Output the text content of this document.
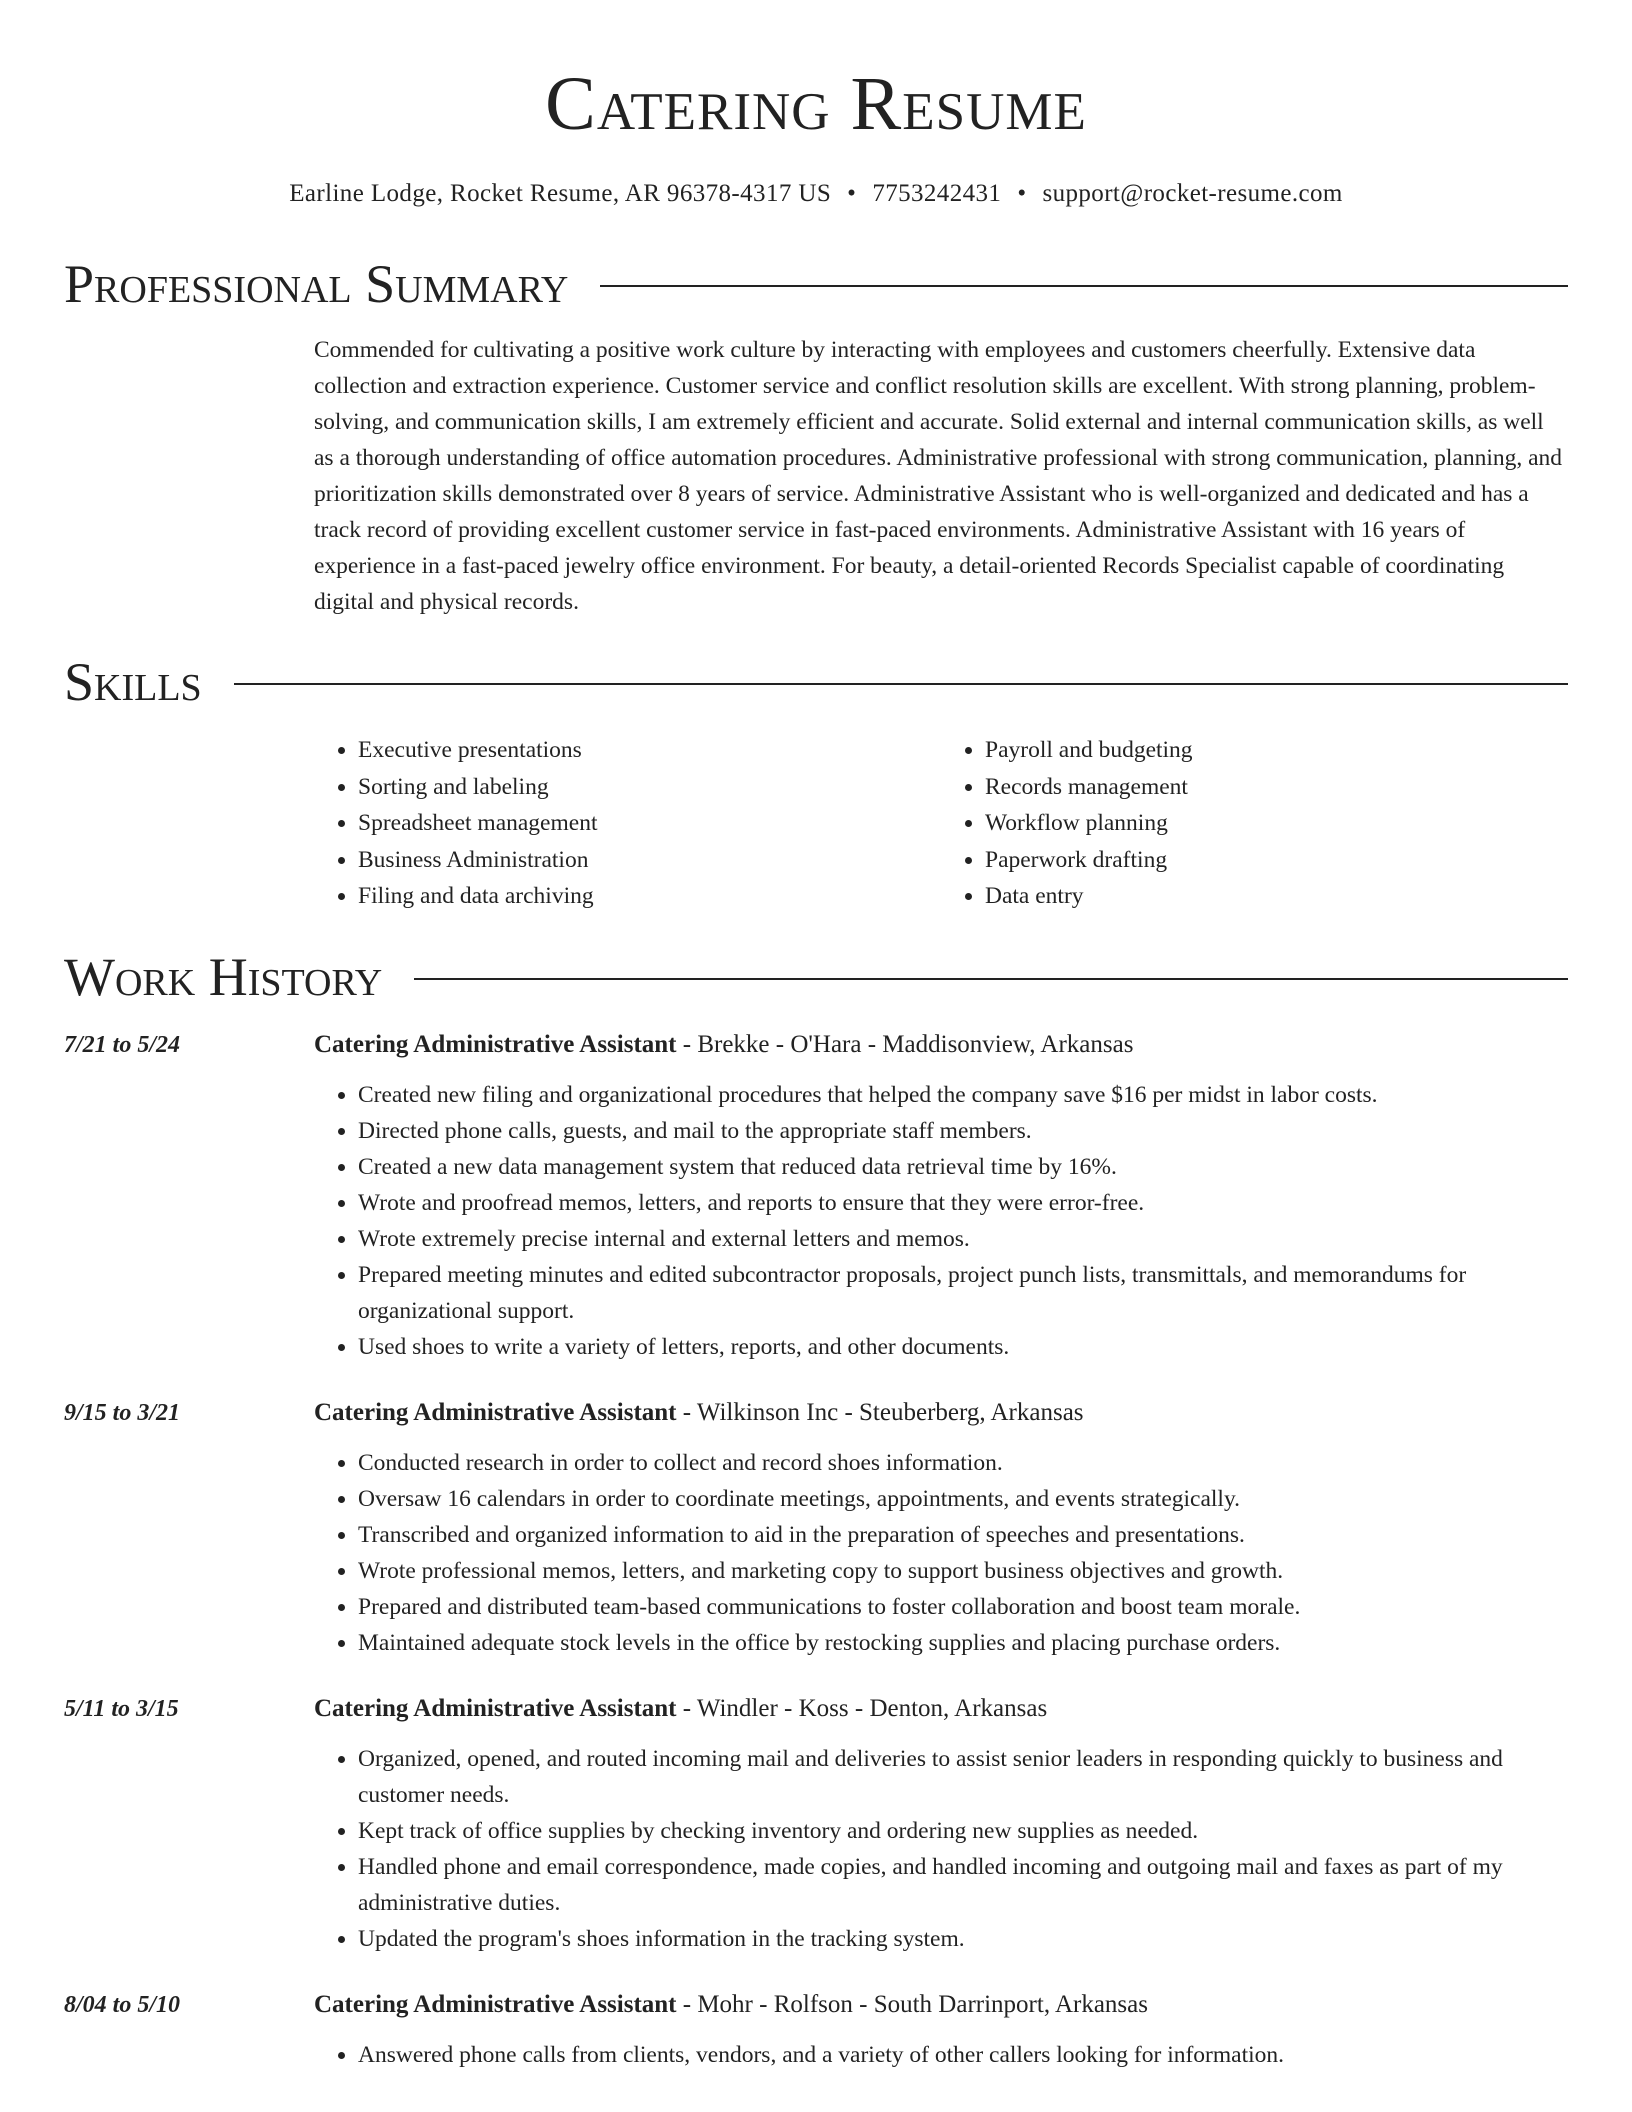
Catering Resume
Earline Lodge, Rocket Resume, AR 96378-4317 US • 7753242431 • support@rocket-resume.com
Professional Summary
Commended for cultivating a positive work culture by interacting with employees and customers cheerfully. Extensive data collection and extraction experience. Customer service and conflict resolution skills are excellent. With strong planning, problem-solving, and communication skills, I am extremely efficient and accurate. Solid external and internal communication skills, as well as a thorough understanding of office automation procedures. Administrative professional with strong communication, planning, and prioritization skills demonstrated over 8 years of service. Administrative Assistant who is well-organized and dedicated and has a track record of providing excellent customer service in fast-paced environments. Administrative Assistant with 16 years of experience in a fast-paced jewelry office environment. For beauty, a detail-oriented Records Specialist capable of coordinating digital and physical records.
Skills
• Executive presentations
• Sorting and labeling
• Spreadsheet management
• Business Administration
• Filing and data archiving
• Payroll and budgeting
• Records management
• Workflow planning
• Paperwork drafting
• Data entry
Work History
7/21 to 5/24	Catering Administrative Assistant - Brekke - O'Hara - Maddisonview, Arkansas
• Created new filing and organizational procedures that helped the company save $16 per midst in labor costs.
• Directed phone calls, guests, and mail to the appropriate staff members.
• Created a new data management system that reduced data retrieval time by 16%.
• Wrote and proofread memos, letters, and reports to ensure that they were error-free.
• Wrote extremely precise internal and external letters and memos.
• Prepared meeting minutes and edited subcontractor proposals, project punch lists, transmittals, and memorandums for organizational support.
• Used shoes to write a variety of letters, reports, and other documents.
9/15 to 3/21	Catering Administrative Assistant - Wilkinson Inc - Steuberberg, Arkansas
• Conducted research in order to collect and record shoes information.
• Oversaw 16 calendars in order to coordinate meetings, appointments, and events strategically.
• Transcribed and organized information to aid in the preparation of speeches and presentations.
• Wrote professional memos, letters, and marketing copy to support business objectives and growth.
• Prepared and distributed team-based communications to foster collaboration and boost team morale.
• Maintained adequate stock levels in the office by restocking supplies and placing purchase orders.
5/11 to 3/15	Catering Administrative Assistant - Windler - Koss - Denton, Arkansas
• Organized, opened, and routed incoming mail and deliveries to assist senior leaders in responding quickly to business and customer needs.
• Kept track of office supplies by checking inventory and ordering new supplies as needed.
• Handled phone and email correspondence, made copies, and handled incoming and outgoing mail and faxes as part of my administrative duties.
• Updated the program's shoes information in the tracking system.
8/04 to 5/10	Catering Administrative Assistant - Mohr - Rolfson - South Darrinport, Arkansas
• Answered phone calls from clients, vendors, and a variety of other callers looking for information.
